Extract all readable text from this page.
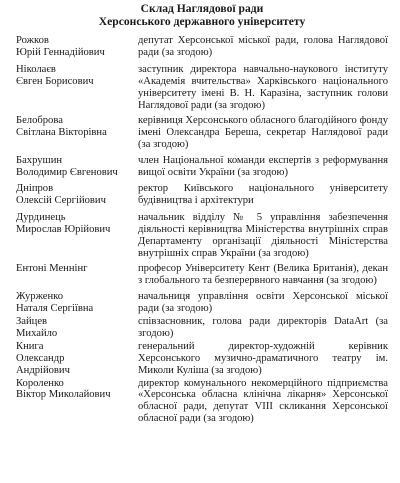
Склад Наглядової ради
Херсонського державного університету

Рожков
Юрій Геннадійович
депутат Херсонської міської ради, голова Наглядової ради (за згодою)
Ніколаєв
Євген Борисович
заступник директора навчально-наукового інституту «Академія вчительства» Харківського національного університету імені В. Н. Каразіна, заступник голови Наглядової ради (за згодою)
Белоброва
Світлана Вікторівна
керівниця Херсонського обласного благодійного фонду імені Олександра Береша, секретар Наглядової ради (за згодою)
Бахрушин
Володимир Євгенович
член Національної команди експертів з реформування вищої освіти України (за згодою)
Дніпров
Олексій Сергійович
ректор Київського національного університету будівництва і архітектури
Дурдинець
Мирослав Юрійович
начальник відділу № 5 управління забезпечення діяльності керівництва Міністерства внутрішніх справ Департаменту організації діяльності Міністерства внутрішніх справ України (за згодою)
Ентоні Меннінг	професор Університету Кент (Велика Британія), декан з глобального та безперервного навчання (за згодою)
Журженко
Наталя Сергіївна
начальниця управління освіти Херсонської міської ради (за згодою)
Зайцев
Михайло
співзасновник, голова ради директорів DataArt (за згодою)
Книга
Олександр
Андрійович
генеральний директор-художній керівник Херсонського музично-драматичного театру ім. Миколи Куліша (за згодою)
Короленко
Віктор Миколайович
директор комунального некомерційного підприємства «Херсонська обласна клінічна лікарня» Херсонської обласної ради, депутат VIII скликання Херсонської обласної ради (за згодою)
